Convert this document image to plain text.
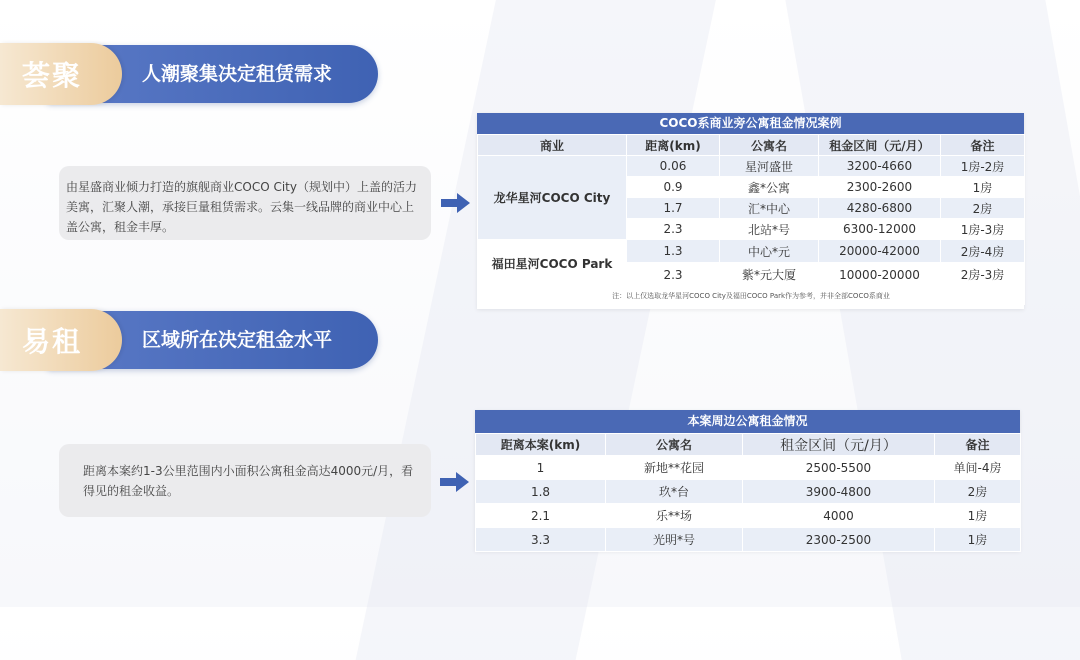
荟聚	人潮聚集决定租赁需求
由星盛商业倾力打造的旗舰商业COCO City（规划中）上盖的活力美寓，汇聚人潮，承接巨量租赁需求。云集一线品牌的商业中心上盖公寓，租金丰厚。
COCO系商业旁公寓租金情况案例
商业	距离(km)	公寓名	租金区间（元/月）	备注
龙华星河COCO City	0.06	星河盛世	3200-4660	1房-2房
	0.9	鑫*公寓	2300-2600	1房
	1.7	汇*中心	4280-6800	2房
	2.3	北站*号	6300-12000	1房-3房
福田星河COCO Park	1.3	中心*元	20000-42000	2房-4房
	2.3	紫*元大厦	10000-20000	2房-3房
注：以上仅选取龙华星河COCO City及福田COCO Park作为参考，并非全部COCO系商业				
易租	区域所在决定租金水平
距离本案约1-3公里范围内小面积公寓租金高达4000元/月，看得见的租金收益。
本案周边公寓租金情况
距离本案(km)	公寓名	租金区间（元/月）	备注
1	新地**花园	2500-5500	单间-4房
1.8	玖*台	3900-4800	2房
2.1	乐**场	4000	1房
3.3	光明*号	2300-2500	1房
